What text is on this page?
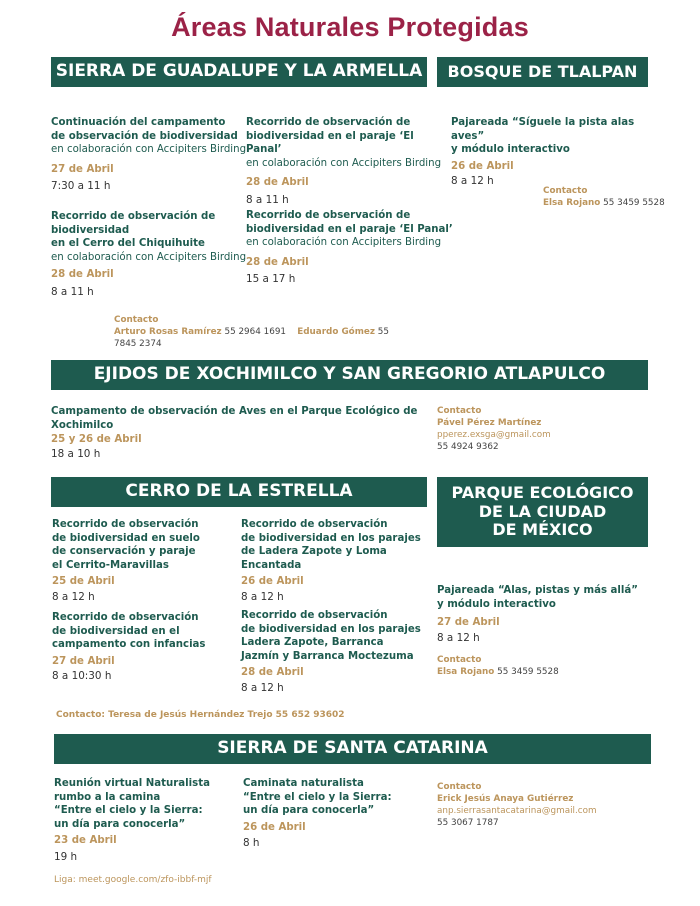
Áreas Naturales Protegidas
SIERRA DE GUADALUPE Y LA ARMELLA
Continuación del campamento
de observación de biodiversidad
en colaboración con Accipiters Birding
27 de Abril
7:30 a 11 h
Recorrido de observación de
biodiversidad en el paraje ‘El Panal’
en colaboración con Accipiters Birding
28 de Abril
8 a 11 h
Recorrido de observación de
biodiversidad
en el Cerro del Chiquihuite
en colaboración con Accipiters Birding
28 de Abril
8 a 11 h
Recorrido de observación de
biodiversidad en el paraje ‘El Panal’
en colaboración con Accipiters Birding
28 de Abril
15 a 17 h
Contacto
Arturo Rosas Ramírez 55 2964 1691 Eduardo Gómez 55 7845 2374
BOSQUE DE TLALPAN
Pajareada “Síguele la pista alas aves”
y módulo interactivo
26 de Abril
8 a 12 h
Contacto
Elsa Rojano 55 3459 5528
EJIDOS DE XOCHIMILCO Y SAN GREGORIO ATLAPULCO
Campamento de observación de Aves en el Parque Ecológico de Xochimilco
25 y 26 de Abril
18 a 10 h
Contacto
Pável Pérez Martínez
pperez.exsga@gmail.com
55 4924 9362
CERRO DE LA ESTRELLA
Recorrido de observación
de biodiversidad en suelo
de conservación y paraje
el Cerrito-Maravillas
25 de Abril
8 a 12 h
Recorrido de observación
de biodiversidad en los parajes
de Ladera Zapote y Loma Encantada
26 de Abril
8 a 12 h
Recorrido de observación
de biodiversidad en el
campamento con infancias
27 de Abril
8 a 10:30 h
Recorrido de observación
de biodiversidad en los parajes
Ladera Zapote, Barranca
Jazmín y Barranca Moctezuma
28 de Abril
8 a 12 h
Contacto: Teresa de Jesús Hernández Trejo 55 652 93602
PARQUE ECOLÓGICO
DE LA CIUDAD
DE MÉXICO
Pajareada “Alas, pistas y más allá”
y módulo interactivo
27 de Abril
8 a 12 h
Contacto
Elsa Rojano 55 3459 5528
SIERRA DE SANTA CATARINA
Reunión virtual Naturalista
rumbo a la camina
“Entre el cielo y la Sierra:
un día para conocerla”
23 de Abril
19 h
Caminata naturalista
“Entre el cielo y la Sierra:
un día para conocerla”
26 de Abril
8 h
Contacto
Erick Jesús Anaya Gutiérrez
anp.sierrasantacatarina@gmail.com
55 3067 1787
Liga: meet.google.com/zfo-ibbf-mjf
